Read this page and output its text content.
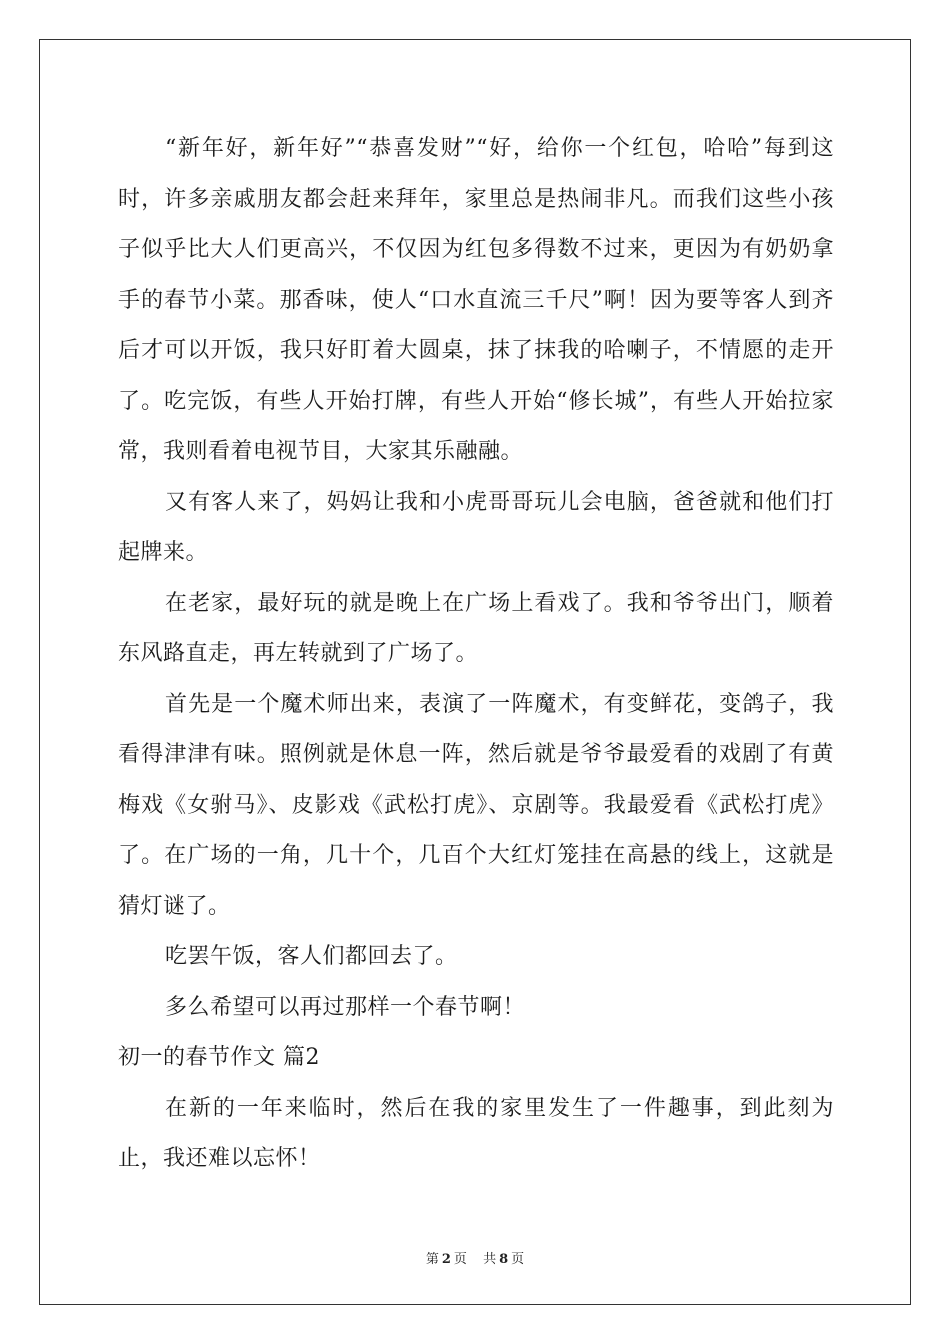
“新年好，新年好”“恭喜发财”“好，给你一个红包，哈哈”每到这时，许多亲戚朋友都会赶来拜年，家里总是热闹非凡。而我们这些小孩子似乎比大人们更高兴，不仅因为红包多得数不过来，更因为有奶奶拿手的春节小菜。那香味，使人“口水直流三千尺”啊！因为要等客人到齐后才可以开饭，我只好盯着大圆桌，抹了抹我的哈喇子，不情愿的走开了。吃完饭，有些人开始打牌，有些人开始“修长城”，有些人开始拉家常，我则看着电视节目，大家其乐融融。

又有客人来了，妈妈让我和小虎哥哥玩儿会电脑，爸爸就和他们打起牌来。

在老家，最好玩的就是晚上在广场上看戏了。我和爷爷出门，顺着东风路直走，再左转就到了广场了。

首先是一个魔术师出来，表演了一阵魔术，有变鲜花，变鸽子，我看得津津有味。照例就是休息一阵，然后就是爷爷最爱看的戏剧了有黄梅戏《女驸马》、皮影戏《武松打虎》、京剧等。我最爱看《武松打虎》了。在广场的一角，几十个，几百个大红灯笼挂在高悬的线上，这就是猜灯谜了。

吃罢午饭，客人们都回去了。

多么希望可以再过那样一个春节啊！

初一的春节作文 篇2

在新的一年来临时，然后在我的家里发生了一件趣事，到此刻为止，我还难以忘怀！

第 2 页 共 8 页
